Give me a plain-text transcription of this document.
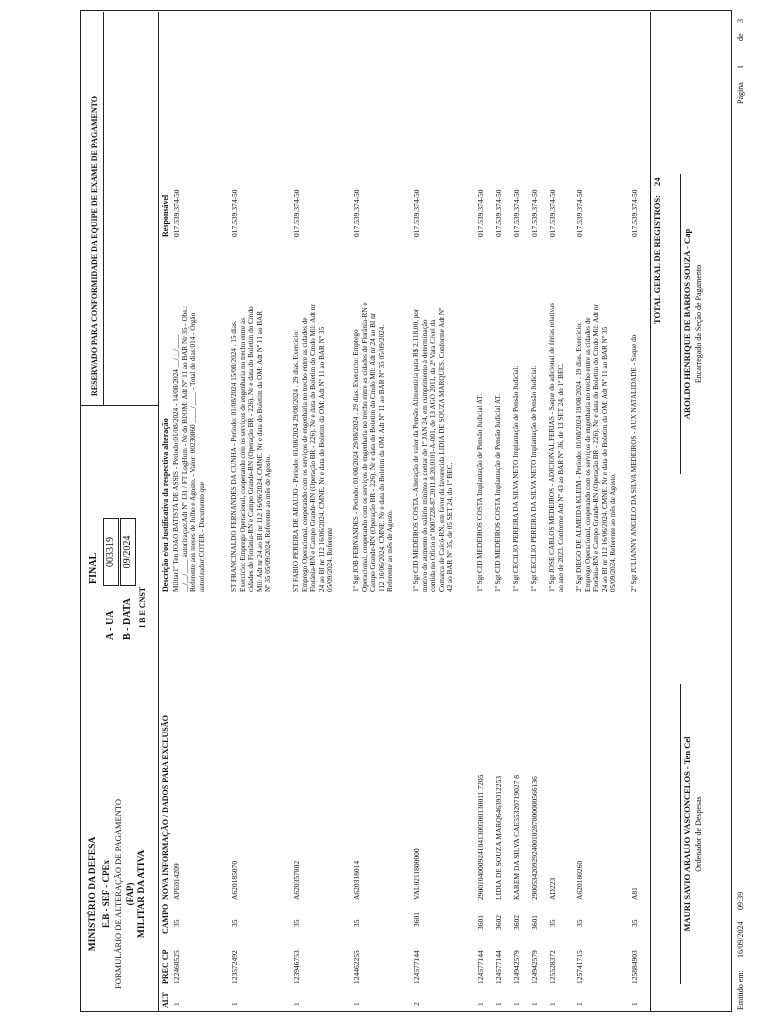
MINISTÉRIO DA DEFESA E.B - SEF - CPEx FORMULÁRIO DE ALTERAÇÃO DE PAGAMENTO (FAP) MILITAR DA ATIVA
FINAL
A - UA
003319
B - DATA
09/2024
I B E CNST
RESERVADO PARA CONFORMIDADE DA EQUIPE DE EXAME DE PAGAMENTO
ALT
PREC CP
CAMPO
NOVA INFORMAÇÃO / DADOS PARA EXCLUSÃO
Descrição e/ou Justificativa da respectiva alteração
Responsável
1
122460525
35
APE014209
Militar1º Ten JOAO BATISTA DE ASSIS - Período:01/08/2024 - 14/08/2024 __/__/____ __/__/____ autorizaçao:Adt Nº 131 / FT LogHum - Nr do BI/OM: Adt Nº 11 ao BAR Nr 35 - Obs.: Referente aos meses de Julho e Agosto. - Valor: 00230860 ____/____ - Total de dias:014 - Órgão autorizador:COTER - Documento que
017.539.374-50
1
123572492
35
A620185070
ST FRANCINALDO FERNANDES DA CUNHA - Período: 01/08/2024 15/08/2024 . 15 dias. Exercício: Emprego Operacional, cooperando com os serviços de engenharia no trecho entre as cidades de Florânia-RN e Campo Grande-RN (Operação BR - 226). Nr e data do Boletim do Cmdo Mil: Adt nr 24 ao BI nr 112 16/06/2024. CMNE. Nr e data do Boletim da OM: Adt Nº 11 ao BAR Nº 35 05/09/2024. Referente ao mês de Agosto.
017.539.374-50
1
123946753
35
A620357802
ST FABIO PEREIRA DE ARAUJO - Período: 01/08/2024 29/08/2024 . 29 dias. Exercício: Emprego Operacional, cooperando com os serviços de engenharia no trecho entre as cidades de Florânia-RN e Campo Grande-RN (Operação BR - 226). Nr e data do Boletim do Cmdo Mil: Adt nr 24 ao BI nr 112 16/06/2024. CMNE. Nr e data do Boletim da OM: Adt Nº 11 ao BAR Nº 35 05/09/2024. Referente
017.539.374-50
1
124462255
35
A620318014
1º Sgt JOB FERNANDES - Período: 01/08/2024 29/08/2024 . 29 dias. Exercício: Emprego Operacional, cooperando com os serviços de engenharia no trecho entre as cidades de Florânia-RN e Campo Grande-RN (Operação BR - 226). Nr e data do Boletim do Cmdo Mil: Adt nr 24 ao BI nr 112 16/06/2024. CMNE. Nr e data do Boletim da OM: Adt Nº 11 ao BAR Nº 35 05/09/2024. Referente ao mês de Agosto.
017.539.374-50
2
124577144
3601
VAL0211800000
1º Sgt CID MEDEIROS COSTA - Alteração de valor da Pensão Alimentícia para R$ 2.118,00, por motivo de aumento do salário mínimo a contar de 1º JAN 24, em cumprimento à determinação contida no Ofício nº 0007228-87.2011.8.20.0101-A-001, de 13 AGO 2011, da 2ª Vara Cível da Comarca de Caicó-RN, em favor da favorecida LIDIA DE SOUZA MARQUES. Conforme Adt Nº 42 ao BAR Nº 35, de 05 SET 24, do 1º BEC.
017.539.374-50
1
124577144
3601
29001040009241041300500130011 7205
1º Sgt CID MEDEIROS COSTA Implantação de Pensão Judicial AT.
017.539.374-50
1
124577144
3602
LIDIA DE SOUZA MARQ64639312253
1º Sgt CID MEDEIROS COSTA Implantação de Pensão Judicial AT.
017.539.374-50
1
124942579
3602
KAREM DA SILVA CAE55320719027 8
1º Sgt CECILIO PEREIRA DA SILVA NETO Implantação de Pensão Judicial.
017.539.374-50
1
124942579
3601
290053420929240010287000000566136
1º Sgt CECILIO PEREIRA DA SILVA NETO Implantação de Pensão Judicial.
017.539.374-50
1
125528372
35
AD223
1º Sgt JOSE CARLOS MEDEIROS - ADICIONAL FERIAS - Saque do adicional de férias relativas ao ano de 2023. Conforme Adt Nº 43 ao BAR Nº 36, de 13 SET 24, do 1º BEC.
017.539.374-50
1
125741715
35
A620180260
2º Sgt DIEGO DE ALMEIDA KLEIM - Período: 01/08/2024 19/08/2024 . 19 dias. Exercício: Emprego Operacional, cooperando com os serviços de engenharia no trecho entre as cidades de Florânia-RN e Campo Grande-RN (Operação BR - 226). Nr e data do Boletim do Cmdo Mil: Adt nr 24 ao BI nr 112 16/06/2024. CMNE. Nr e data do Boletim da OM: Adt Nº 11 ao BAR Nº 35 05/09/2024. Referente ao mês de Agosto.
017.539.374-50
1
125884903
35
A81
2º Sgt JULIANNY ANGELO DA SILVA MEDEIROS - AUX NATALIDADE - Saque do
017.539.374-50 TOTAL GERAL DE REGISTROS:
24
MAURI SAVIO ARAUJO VASCONCELOS - Ten Cel Ordenador de Despesas
AROLDO HENRIQUE DE BARROS SOUZA - Cap Encarregado da Seção de Pagamento
Emitido em:
16/09/2024
09:39
Página
1
de
3
